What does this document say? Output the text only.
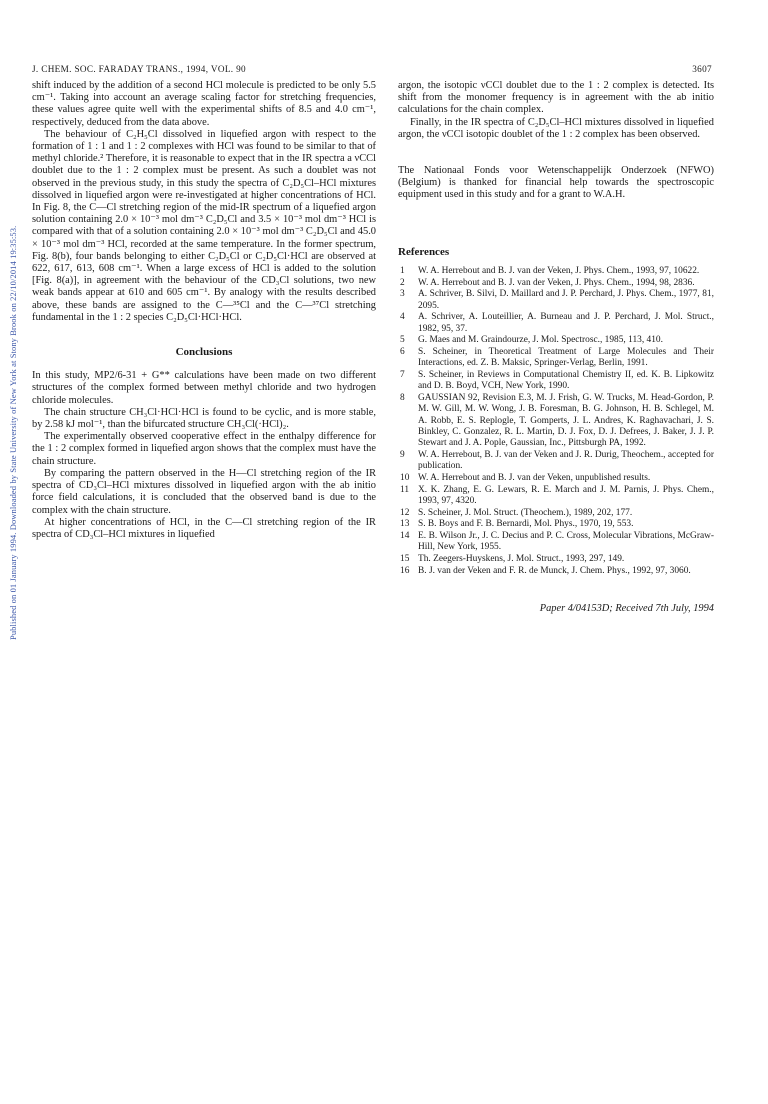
Published on 01 January 1994. Downloaded by State University of New York at Stony Brook on 22/10/2014 19:35:53.
J. CHEM. SOC. FARADAY TRANS., 1994, VOL. 90	3607

shift induced by the addition of a second HCl molecule is predicted to be only 5.5 cm⁻¹. Taking into account an average scaling factor for stretching frequencies, these values agree quite well with the experimental shifts of 8.5 and 4.0 cm⁻¹, respectively, deduced from the data above.

The behaviour of C₂H₅Cl dissolved in liquefied argon with respect to the formation of 1 : 1 and 1 : 2 complexes with HCl was found to be similar to that of methyl chloride.² Therefore, it is reasonable to expect that in the IR spectra a νCCl doublet due to the 1 : 2 complex must be present. As such a doublet was not observed in the previous study, in this study the spectra of C₂D₅Cl–HCl mixtures dissolved in liquefied argon were re-investigated at higher concentrations of HCl. In Fig. 8, the C—Cl stretching region of the mid-IR spectrum of a liquefied argon solution containing 2.0 × 10⁻³ mol dm⁻³ C₂D₅Cl and 3.5 × 10⁻³ mol dm⁻³ HCl is compared with that of a solution containing 2.0 × 10⁻³ mol dm⁻³ C₂D₅Cl and 45.0 × 10⁻³ mol dm⁻³ HCl, recorded at the same temperature. In the former spectrum, Fig. 8(b), four bands belonging to either C₂D₅Cl or C₂D₅Cl·HCl are observed at 622, 617, 613, 608 cm⁻¹. When a large excess of HCl is added to the solution [Fig. 8(a)], in agreement with the behaviour of the CD₃Cl solutions, two new weak bands appear at 610 and 605 cm⁻¹. By analogy with the results described above, these bands are assigned to the C—³⁵Cl and the C—³⁷Cl stretching fundamental in the 1 : 2 species C₂D₅Cl·HCl·HCl.

Conclusions

In this study, MP2/6-31 + G** calculations have been made on two different structures of the complex formed between methyl chloride and two hydrogen chloride molecules.

The chain structure CH₃Cl·HCl·HCl is found to be cyclic, and is more stable, by 2.58 kJ mol⁻¹, than the bifurcated structure CH₃Cl(·HCl)₂.

The experimentally observed cooperative effect in the enthalpy difference for the 1 : 2 complex formed in liquefied argon shows that the complex must have the chain structure.

By comparing the pattern observed in the H—Cl stretching region of the IR spectra of CD₃Cl–HCl mixtures dissolved in liquefied argon with the ab initio force field calculations, it is concluded that the observed band is due to the complex with the chain structure.

At higher concentrations of HCl, in the C—Cl stretching region of the IR spectra of CD₃Cl–HCl mixtures in liquefied

argon, the isotopic νCCl doublet due to the 1 : 2 complex is detected. Its shift from the monomer frequency is in agreement with the ab initio calculations for the chain complex.

Finally, in the IR spectra of C₂D₅Cl–HCl mixtures dissolved in liquefied argon, the νCCl isotopic doublet of the 1 : 2 complex has been observed.

The Nationaal Fonds voor Wetenschappelijk Onderzoek (NFWO) (Belgium) is thanked for financial help towards the spectroscopic equipment used in this study and for a grant to W.A.H.

References
1	W. A. Herrebout and B. J. van der Veken, J. Phys. Chem., 1993, 97, 10622.
2	W. A. Herrebout and B. J. van der Veken, J. Phys. Chem., 1994, 98, 2836.
3	A. Schriver, B. Silvi, D. Maillard and J. P. Perchard, J. Phys. Chem., 1977, 81, 2095.
4	A. Schriver, A. Louteillier, A. Burneau and J. P. Perchard, J. Mol. Struct., 1982, 95, 37.
5	G. Maes and M. Graindourze, J. Mol. Spectrosc., 1985, 113, 410.
6	S. Scheiner, in Theoretical Treatment of Large Molecules and Their Interactions, ed. Z. B. Maksic, Springer-Verlag, Berlin, 1991.
7	S. Scheiner, in Reviews in Computational Chemistry II, ed. K. B. Lipkowitz and D. B. Boyd, VCH, New York, 1990.
8	GAUSSIAN 92, Revision E.3, M. J. Frish, G. W. Trucks, M. Head-Gordon, P. M. W. Gill, M. W. Wong, J. B. Foresman, B. G. Johnson, H. B. Schlegel, M. A. Robb, E. S. Replogle, T. Gomperts, J. L. Andres, K. Raghavachari, J. S. Binkley, C. Gonzalez, R. L. Martin, D. J. Fox, D. J. Defrees, J. Baker, J. J. P. Stewart and J. A. Pople, Gaussian, Inc., Pittsburgh PA, 1992.
9	W. A. Herrebout, B. J. van der Veken and J. R. Durig, Theochem., accepted for publication.
10 W. A. Herrebout and B. J. van der Veken, unpublished results.
11 X. K. Zhang, E. G. Lewars, R. E. March and J. M. Parnis, J. Phys. Chem., 1993, 97, 4320.
12 S. Scheiner, J. Mol. Struct. (Theochem.), 1989, 202, 177.
13 S. B. Boys and F. B. Bernardi, Mol. Phys., 1970, 19, 553.
14 E. B. Wilson Jr., J. C. Decius and P. C. Cross, Molecular Vibrations, McGraw-Hill, New York, 1955.
15 Th. Zeegers-Huyskens, J. Mol. Struct., 1993, 297, 149.
16 B. J. van der Veken and F. R. de Munck, J. Chem. Phys., 1992, 97, 3060.
Paper 4/04153D; Received 7th July, 1994
